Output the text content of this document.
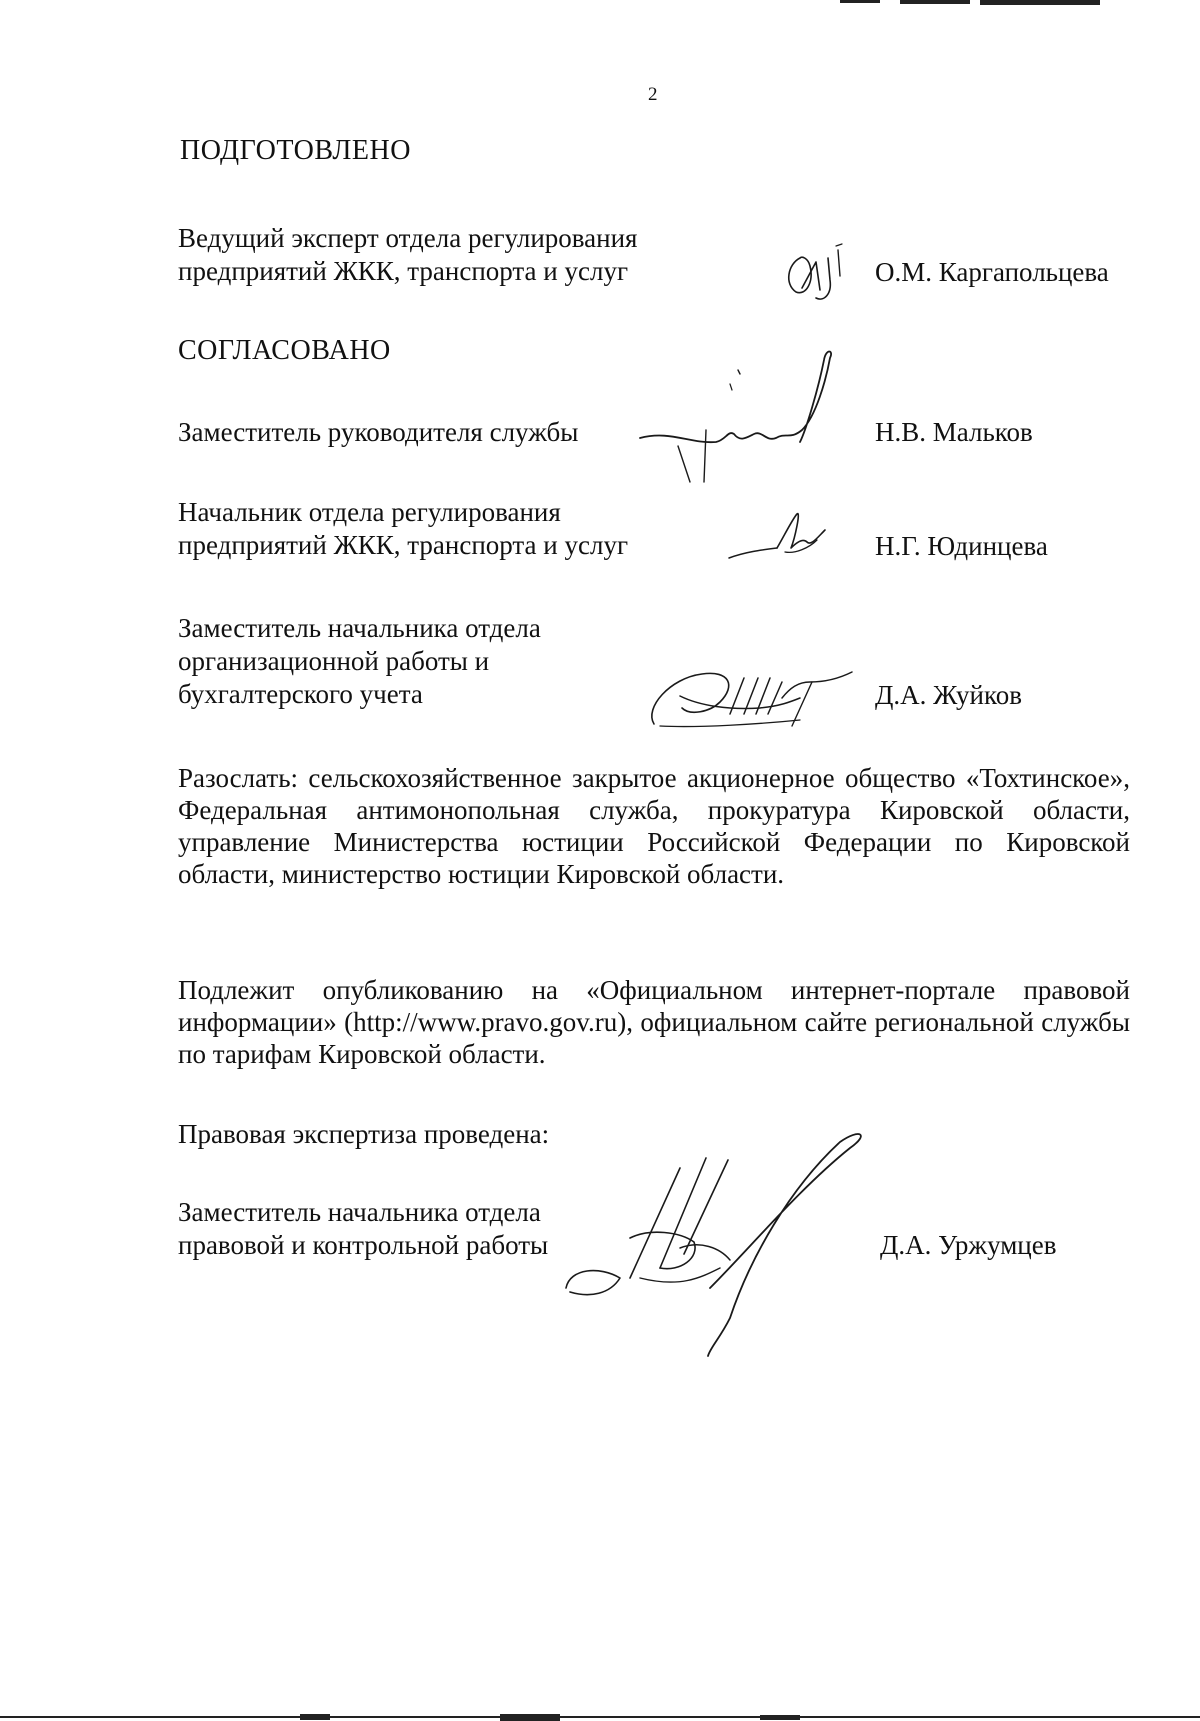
2
ПОДГОТОВЛЕНО
Ведущий эксперт отдела регулирования
предприятий ЖКК, транспорта и услуг	О.М. Каргапольцева
СОГЛАСОВАНО
Заместитель руководителя службы	Н.В. Мальков
Начальник отдела регулирования
предприятий ЖКК, транспорта и услуг	Н.Г. Юдинцева
Заместитель начальника отдела
организационной работы и
бухгалтерского учета	Д.А. Жуйков
Разослать: сельскохозяйственное закрытое акционерное общество «Тохтинское», Федеральная антимонопольная служба, прокуратура Кировской области, управление Министерства юстиции Российской Федерации по Кировской области, министерство юстиции Кировской области.
Подлежит опубликованию на «Официальном интернет-портале правовой информации» (http://www.pravo.gov.ru), официальном сайте региональной службы по тарифам Кировской области.
Правовая экспертиза проведена:
Заместитель начальника отдела
правовой и контрольной работы	Д.А. Уржумцев
